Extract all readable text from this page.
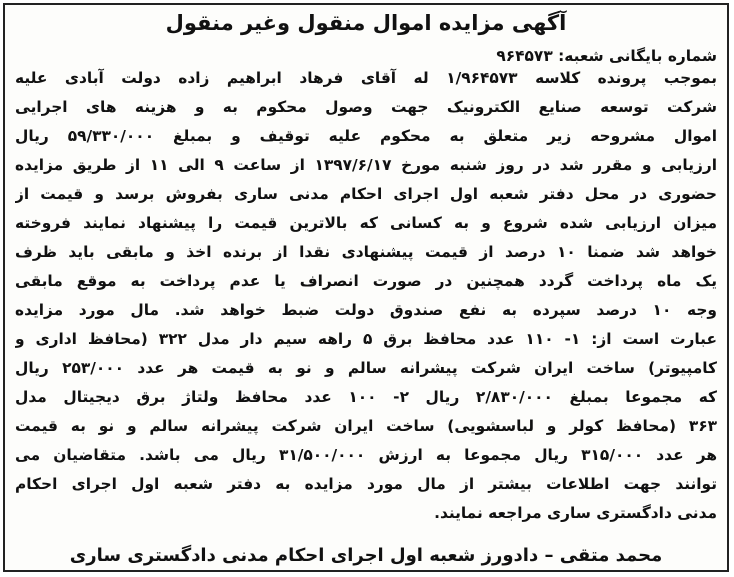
آگهی مزایده اموال منقول وغیر منقول
شماره بایگانی شعبه: ۹۶۴۵۷۳
بموجب پرونده کلاسه ۱/۹۶۴۵۷۳ له آقای فرهاد ابراهیم زاده دولت آبادی علیه
شرکت توسعه صنایع الکترونیک جهت وصول محکوم به و هزینه های اجرایی
اموال مشروحه زیر متعلق به محکوم علیه توقیف و بمبلغ ۵۹/۳۳۰/۰۰۰ ریال
ارزیابی و مقرر شد در روز شنبه مورخ ۱۳۹۷/۶/۱۷ از ساعت ۹ الی ۱۱ از طریق مزایده
حضوری در محل دفتر شعبه اول اجرای احکام مدنی ساری بفروش برسد و قیمت از
میزان ارزیابی شده شروع و به کسانی که بالاترین قیمت را پیشنهاد نمایند فروخته
خواهد شد ضمنا ۱۰ درصد از قیمت پیشنهادی نقدا از برنده اخذ و مابقی باید ظرف
یک ماه پرداخت گردد همچنین در صورت انصراف یا عدم پرداخت به موقع مابقی
وجه ۱۰ درصد سپرده به نفع صندوق دولت ضبط خواهد شد. مال مورد مزایده
عبارت است از: ۱- ۱۱۰ عدد محافظ برق ۵ راهه سیم دار مدل ۳۲۲ (محافظ اداری و
کامپیوتر) ساخت ایران شرکت پیشرانه سالم و نو به قیمت هر عدد ۲۵۳/۰۰۰ ریال
که مجموعا بمبلغ ۲/۸۳۰/۰۰۰ ریال ۲- ۱۰۰ عدد محافظ ولتاژ برق دیجیتال مدل
۳۶۳ (محافظ کولر و لباسشویی) ساخت ایران شرکت پیشرانه سالم و نو به قیمت
هر عدد ۳۱۵/۰۰۰ ریال مجموعا به ارزش ۳۱/۵۰۰/۰۰۰ ریال می باشد. متقاضیان می
توانند جهت اطلاعات بیشتر از مال مورد مزایده به دفتر شعبه اول اجرای احکام
مدنی دادگستری ساری مراجعه نمایند.
محمد متقی – دادورز شعبه اول اجرای احکام مدنی دادگستری ساری
